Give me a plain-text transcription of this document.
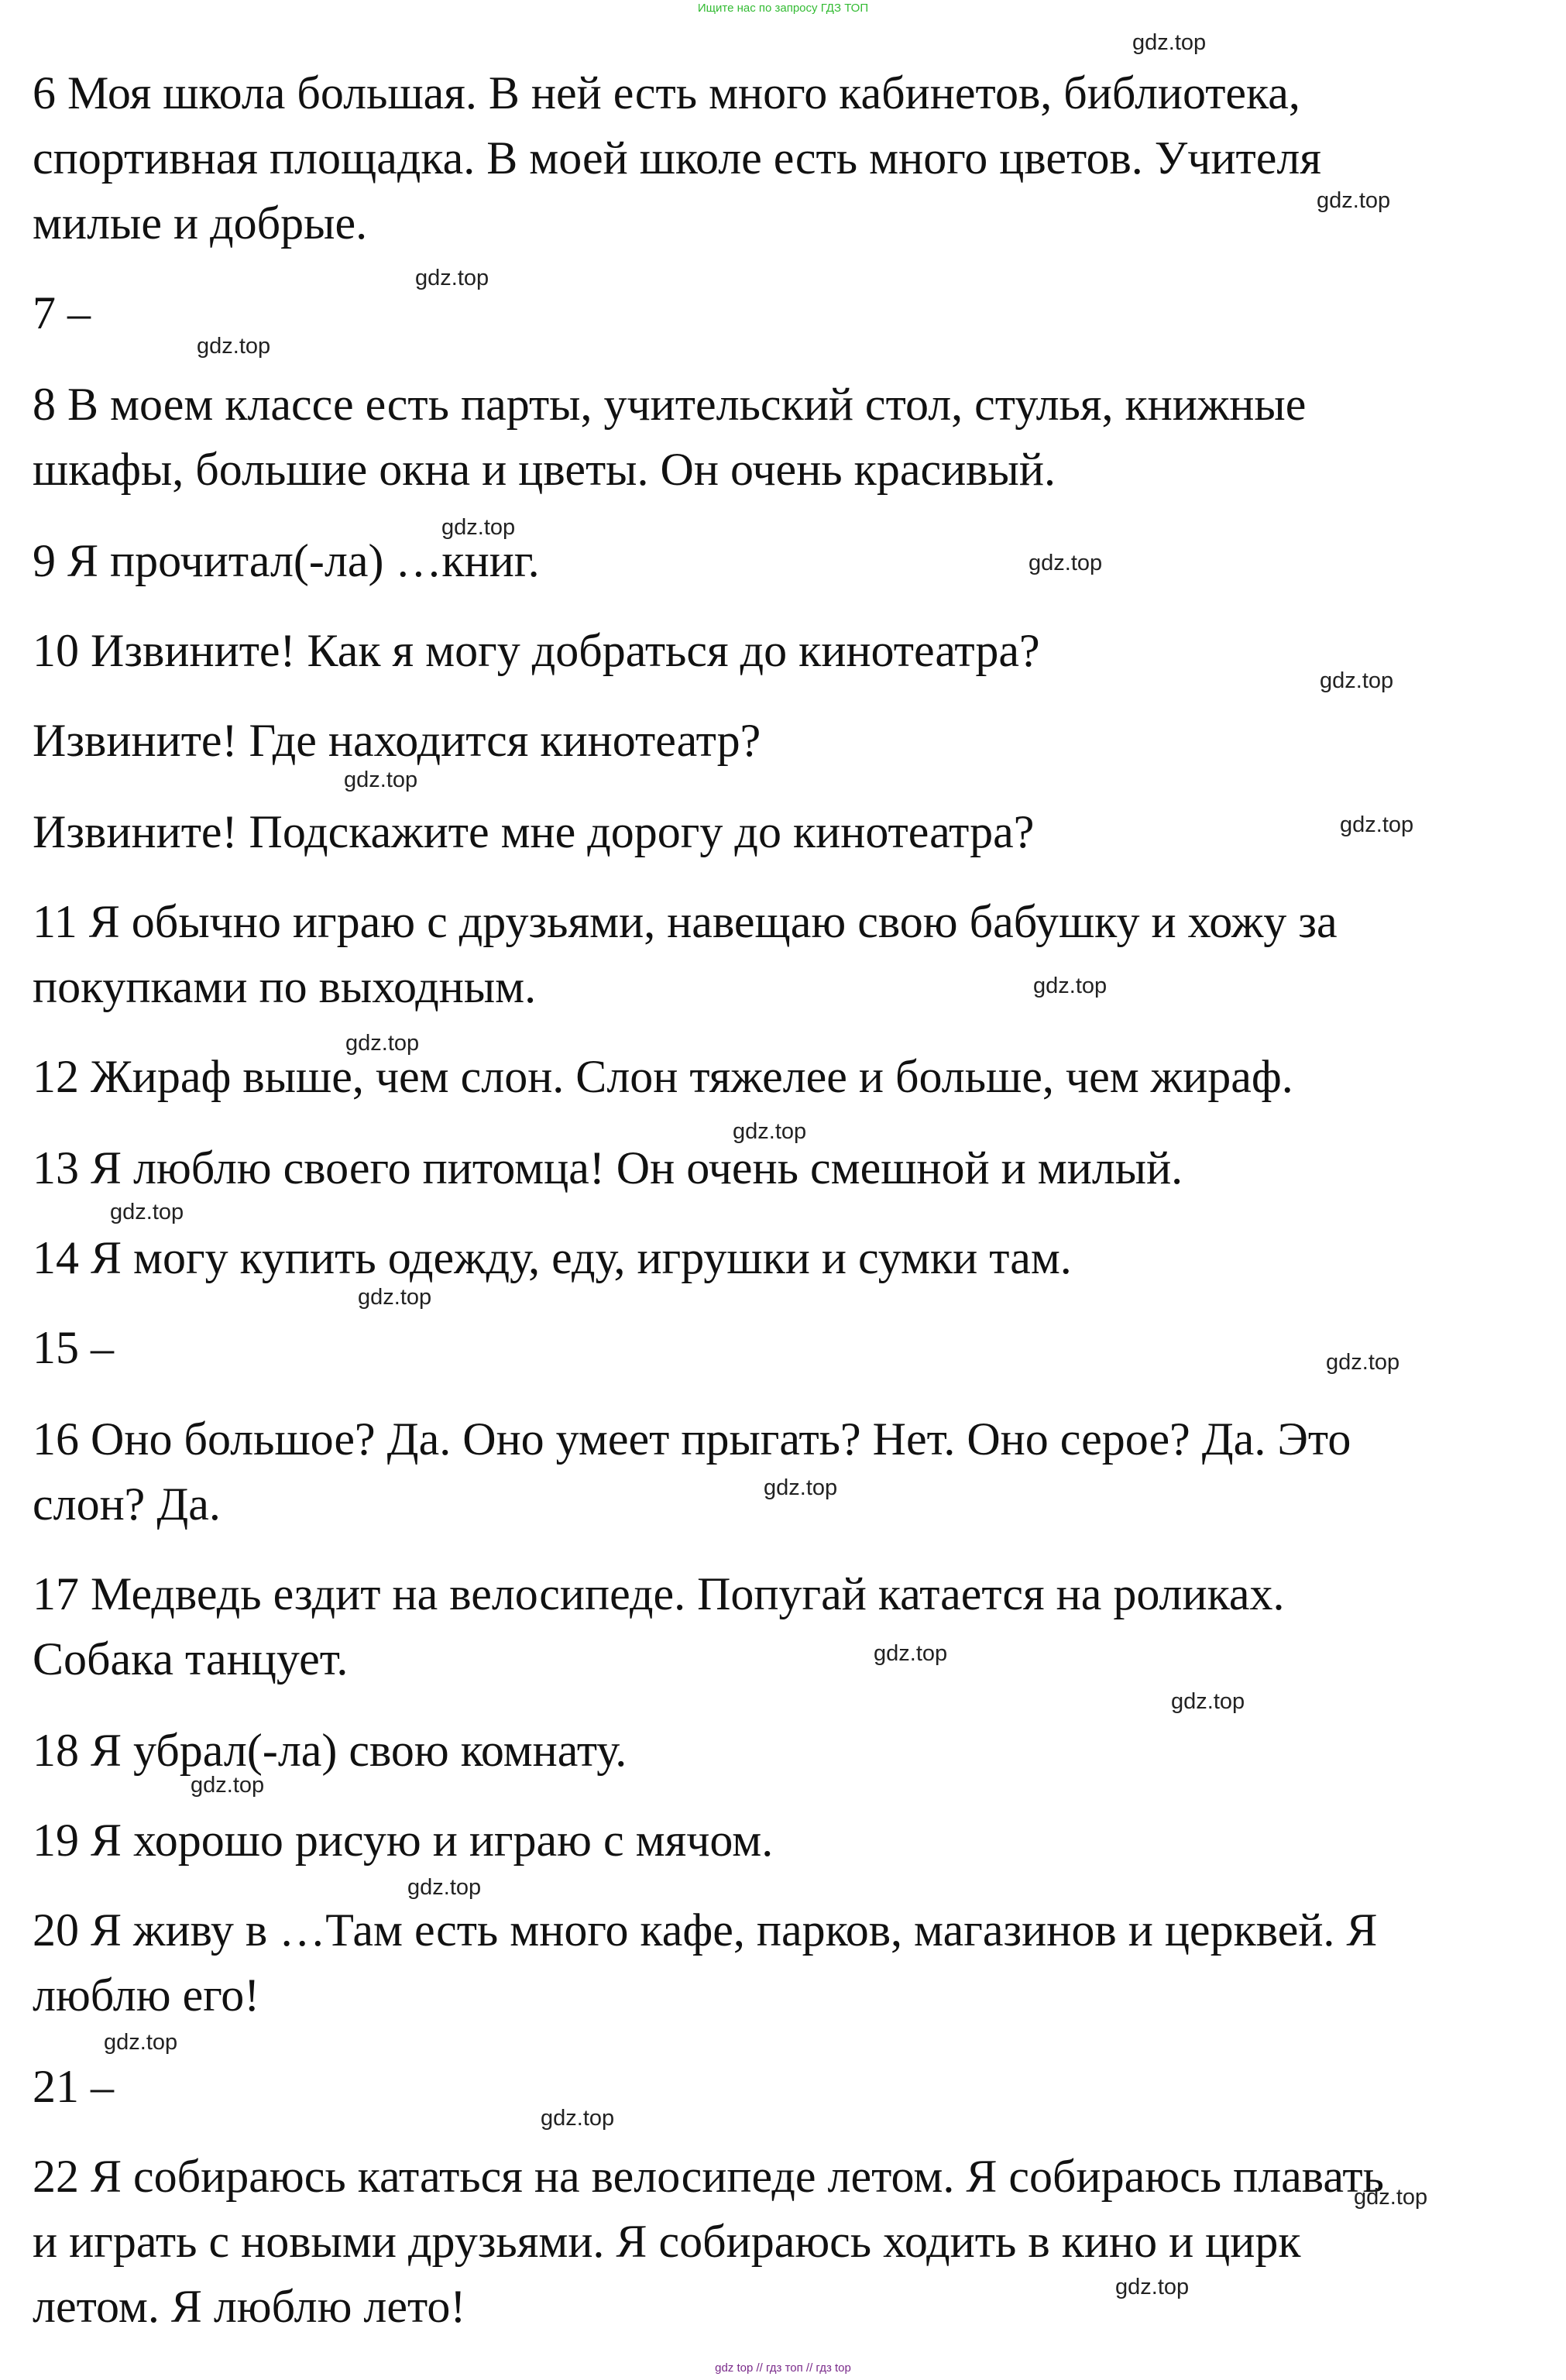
Ищите нас по запросу ГДЗ ТОП
6 Моя школа большая. В ней есть много кабинетов, библиотека,
спортивная площадка. В моей школе есть много цветов. Учителя
милые и добрые.
7 –
8 В моем классе есть парты, учительский стол, стулья, книжные
шкафы, большие окна и цветы. Он очень красивый.
9 Я прочитал(-ла) …книг.
10 Извините! Как я могу добраться до кинотеатра?
Извините! Где находится кинотеатр?
Извините! Подскажите мне дорогу до кинотеатра?
11 Я обычно играю с друзьями, навещаю свою бабушку и хожу за
покупками по выходным.
12 Жираф выше, чем слон. Слон тяжелее и больше, чем жираф.
13 Я люблю своего питомца! Он очень смешной и милый.
14 Я могу купить одежду, еду, игрушки и сумки там.
15 –
16 Оно большое? Да. Оно умеет прыгать? Нет. Оно серое? Да. Это
слон? Да.
17 Медведь ездит на велосипеде. Попугай катается на роликах.
Собака танцует.
18 Я убрал(-ла) свою комнату.
19 Я хорошо рисую и играю с мячом.
20 Я живу в …Там есть много кафе, парков, магазинов и церквей. Я
люблю его!
21 –
22 Я собираюсь кататься на велосипеде летом. Я собираюсь плавать
и играть с новыми друзьями. Я собираюсь ходить в кино и цирк
летом. Я люблю лето!
gdz.top
gdz.top
gdz.top
gdz.top
gdz.top
gdz.top
gdz.top
gdz.top
gdz.top
gdz.top
gdz.top
gdz.top
gdz.top
gdz.top
gdz.top
gdz.top
gdz.top
gdz.top
gdz.top
gdz.top
gdz.top
gdz.top
gdz.top
gdz.top
gdz top // гдз топ // гдз top
